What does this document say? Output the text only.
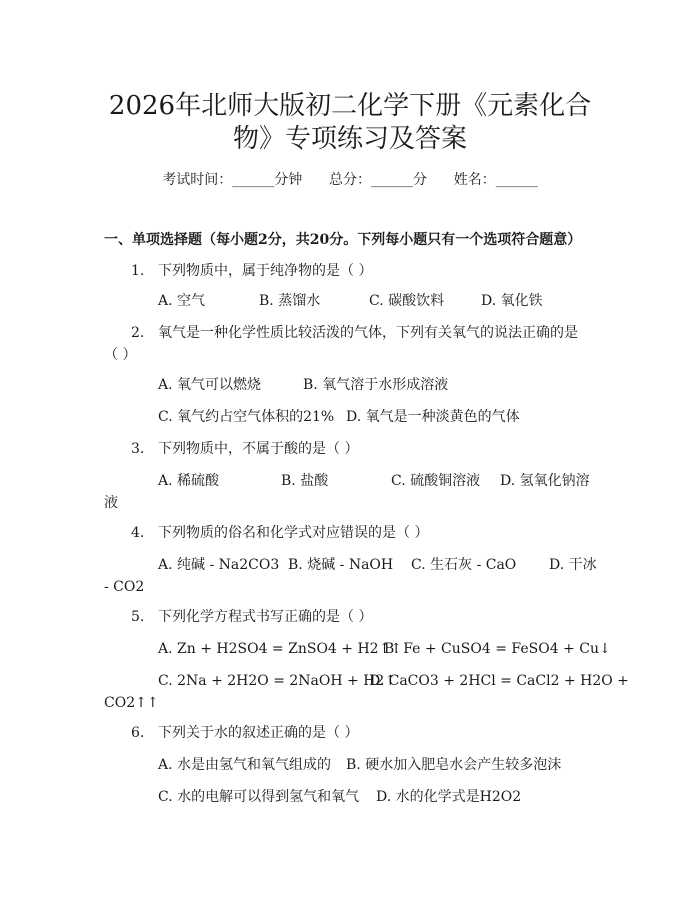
2026年北师大版初二化学下册《元素化合
物》专项练习及答案
考试时间：______分钟      总分：______分      姓名：______
一、单项选择题（每小题2分，共20分。下列每小题只有一个选项符合题意）
1. 下列物质中，属于纯净物的是（ ）
A. 空气	B. 蒸馏水	C. 碳酸饮料	D. 氧化铁
2. 氧气是一种化学性质比较活泼的气体，下列有关氧气的说法正确的是
（ ）
A. 氧气可以燃烧	B. 氧气溶于水形成溶液
C. 氧气约占空气体积的21% D. 氧气是一种淡黄色的气体
3. 下列物质中，不属于酸的是（ ）
A. 稀硫酸	B. 盐酸	C. 硫酸铜溶液 D. 氢氧化钠溶
液
4. 下列物质的俗名和化学式对应错误的是（ ）
A. 纯碱 - Na2CO3 B. 烧碱 - NaOH C. 生石灰 - CaO D. 干冰
- CO2
5. 下列化学方程式书写正确的是（ ）
A. Zn + H2SO4 = ZnSO4 + H2↑↑
B. Fe + CuSO4 = FeSO4 + Cu↓
C. 2Na + 2H2O = 2NaOH + H2↑
D. CaCO3 + 2HCl = CaCl2 + H2O +
CO2↑↑
6. 下列关于水的叙述正确的是（ ）
A. 水是由氢气和氧气组成的 B. 硬水加入肥皂水会产生较多泡沫
C. 水的电解可以得到氢气和氧气 D. 水的化学式是H2O2
